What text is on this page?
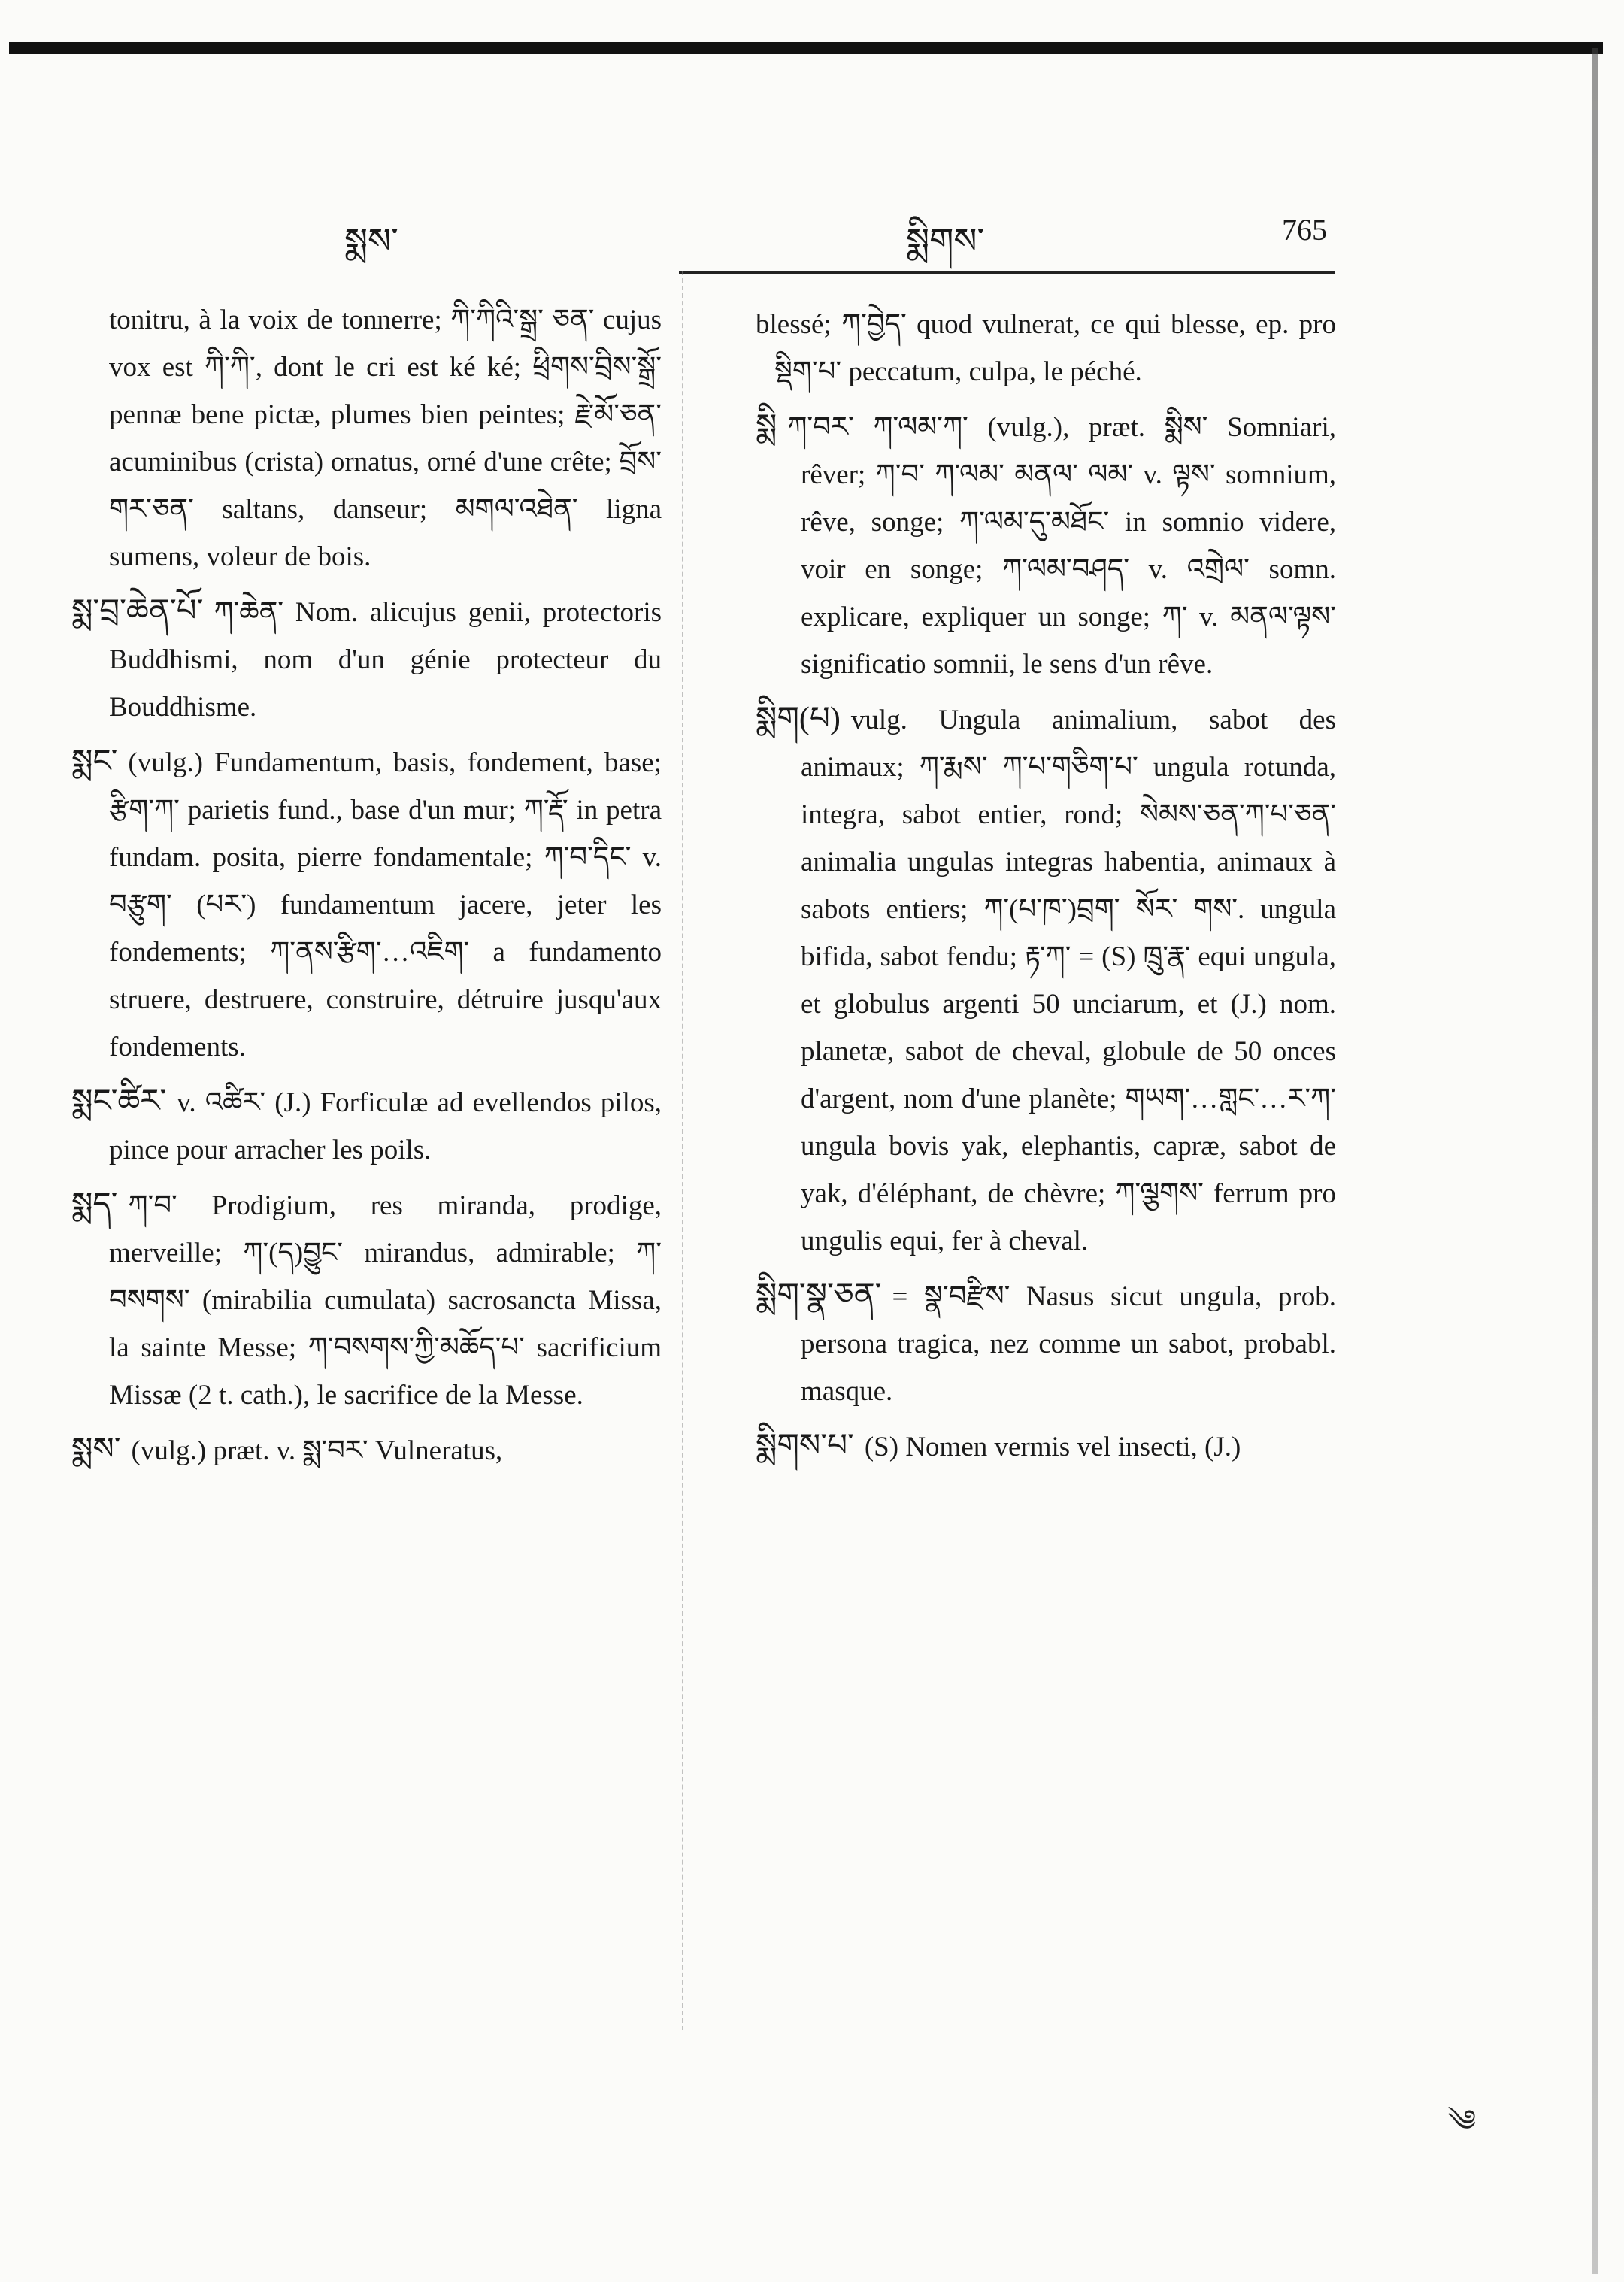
སྨས་	སྨིགས་	765

tonitru, à la voix de tonnerre; ཀི་ཀིའི་སྒྲ་ ཅན་ cujus vox est ཀི་ཀི་, dont le cri est ké ké; ཕྲིགས་བྲིས་སྒྲོ་ pennæ bene pictæ, plumes bien peintes; རྗེ་མོ་ཅན་ acuminibus (crista) ornatus, orné d'une crête; བྲོས་གར་ཅན་ saltans, danseur; མགལ་འཐེན་ ligna sumens, voleur de bois.

སྨ་བྲ་ཆེན་པོ་ ཀ་ཆེན་ Nom. alicujus genii, protectoris Buddhismi, nom d'un génie protecteur du Bouddhisme.

སྨང་ (vulg.) Fundamentum, basis, fondement, base; རྩིག་ཀ་ parietis fund., base d'un mur; ཀ་རྡོ་ in petra fundam. posita, pierre fondamentale; ཀ་བ་དིང་ v. བརྩུག་ (པར་) fundamentum jacere, jeter les fondements; ཀ་ནས་རྩིག་…འཇིག་ a fundamento struere, destruere, construire, détruire jusqu'aux fondements.

སྨང་ཚིར་ v. འཚིར་ (J.) Forficulæ ad evellendos pilos, pince pour arracher les poils.

སྨད་ ཀ་བ་ Prodigium, res miranda, prodige, merveille; ཀ་(ད)བྱུང་ mirandus, admirable; ཀ་བསགས་ (mirabilia cumulata) sacrosancta Missa, la sainte Messe; ཀ་བསགས་ཀྱི་མཆོད་པ་ sacrificium Missæ (2 t. cath.), le sacrifice de la Messe.

སྨས་ (vulg.) præt. v. སྨ་བར་ Vulneratus,

blessé; ཀ་བྱེད་ quod vulnerat, ce qui blesse, ep. pro སྡིག་པ་ peccatum, culpa, le péché.

སྨི ཀ་བར་ ཀ་ལམ་ཀ་ (vulg.), præt. སྨིས་ Somniari, rêver; ཀ་བ་ ཀ་ལམ་ མནལ་ ལམ་ v. ལྟས་ somnium, rêve, songe; ཀ་ལམ་དུ་མཐོང་ in somnio videre, voir en songe; ཀ་ལམ་བཤད་ v. འགྲེལ་ somn. explicare, expliquer un songe; ཀ་ v. མནལ་ལྟས་ significatio somnii, le sens d'un rêve.

སྨིག(པ) vulg. Ungula animalium, sabot des animaux; ཀ་རྨས་ ཀ་པ་གཅིག་པ་ ungula rotunda, integra, sabot entier, rond; སེམས་ཅན་ཀ་པ་ཅན་ animalia ungulas integras habentia, animaux à sabots entiers; ཀ་(པ་ཁ་)བྲག་ སོར་ གས་. ungula bifida, sabot fendu; རྟ་ཀ་ = (S) ཁྲུ་རྣ་ equi ungula, et globulus argenti 50 unciarum, et (J.) nom. planetæ, sabot de cheval, globule de 50 onces d'argent, nom d'une planète; གཡག་…གླང་…ར་ཀ་ ungula bovis yak, elephantis, capræ, sabot de yak, d'éléphant, de chèvre; ཀ་ལྕགས་ ferrum pro ungulis equi, fer à cheval.

སྨིག་སྣ་ཅན་ = སྣ་བརྫིས་ Nasus sicut ungula, prob. persona tragica, nez comme un sabot, probabl. masque.

སྨིགས་པ་ (S) Nomen vermis vel insecti, (J.)

༄
